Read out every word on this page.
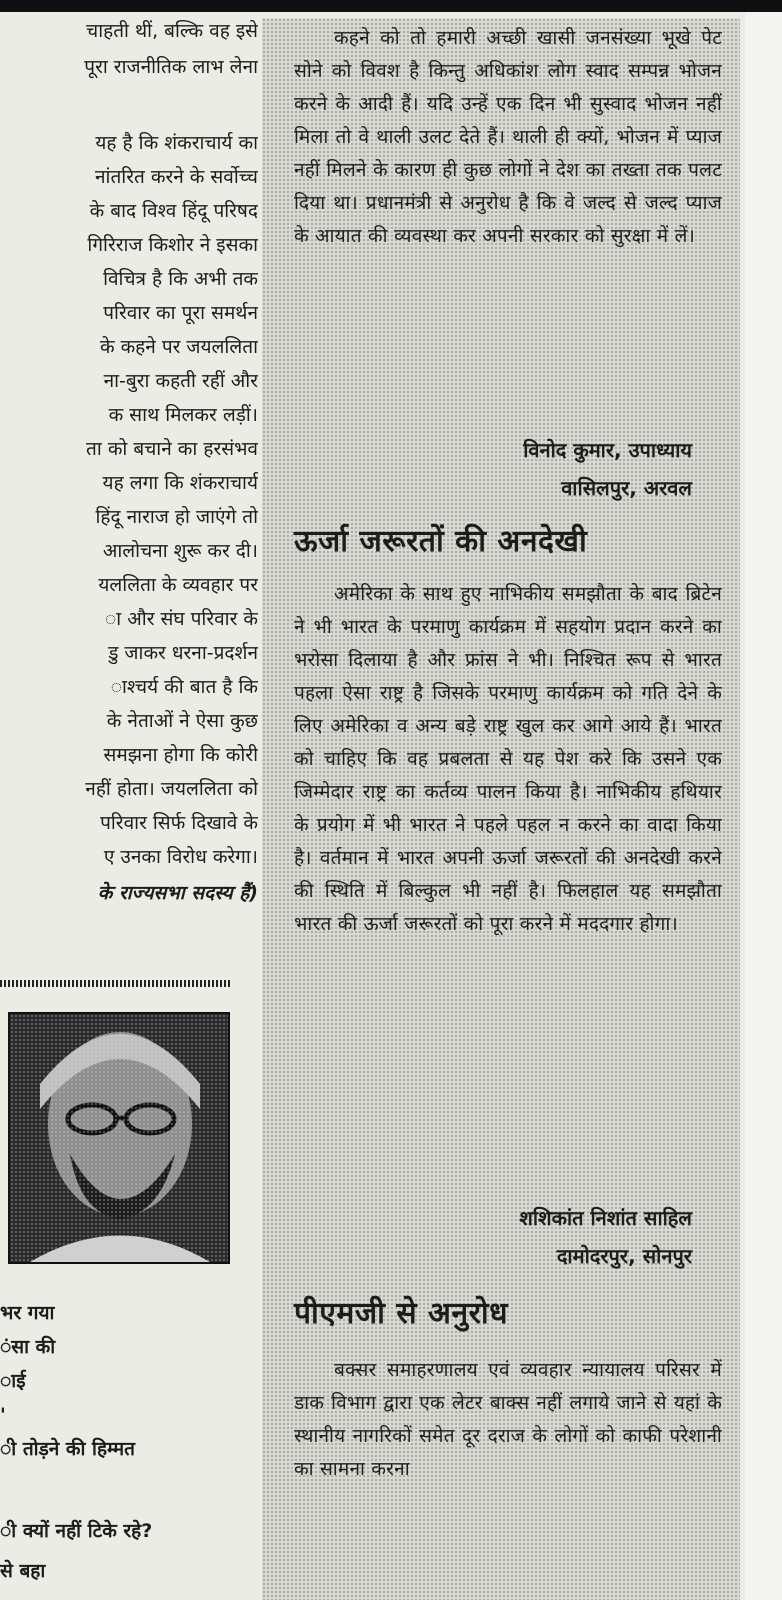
चाहती थीं, बल्कि वह इसे
पूरा राजनीतिक लाभ लेना
यह है कि शंकराचार्य का
नांतरित करने के सर्वोच्च
के बाद विश्व हिंदू परिषद
गिरिराज किशोर ने इसका
विचित्र है कि अभी तक
परिवार का पूरा समर्थन
के कहने पर जयललिता
ना-बुरा कहती रहीं और
क साथ मिलकर लड़ीं।
ता को बचाने का हरसंभव
यह लगा कि शंकराचार्य
हिंदू नाराज हो जाएंगे तो
आलोचना शुरू कर दी।
यललिता के व्यवहार पर
ा और संघ परिवार के
डु जाकर धरना-प्रदर्शन
ाश्चर्य की बात है कि
के नेताओं ने ऐसा कुछ
समझना होगा कि कोरी
नहीं होता। जयललिता को
परिवार सिर्फ दिखावे के
ए उनका विरोध करेगा।
के राज्यसभा सदस्य हैं)
भर गया
ंसा की
ाई
'
ी तोड़ने की हिम्मत
ी क्यों नहीं टिके रहे?
से बहा

कहने को तो हमारी अच्छी खासी जनसंख्या भूखे पेट सोने को विवश है किन्तु अधिकांश लोग स्वाद सम्पन्न भोजन करने के आदी हैं। यदि उन्हें एक दिन भी सुस्वाद भोजन नहीं मिला तो वे थाली उलट देते हैं। थाली ही क्यों, भोजन में प्याज नहीं मिलने के कारण ही कुछ लोगों ने देश का तख्ता तक पलट दिया था। प्रधानमंत्री से अनुरोध है कि वे जल्द से जल्द प्याज के आयात की व्यवस्था कर अपनी सरकार को सुरक्षा में लें।

विनोद कुमार, उपाध्याय
वासिलपुर, अरवल
ऊर्जा जरूरतों की अनदेखी

अमेरिका के साथ हुए नाभिकीय समझौता के बाद ब्रिटेन ने भी भारत के परमाणु कार्यक्रम में सहयोग प्रदान करने का भरोसा दिलाया है और फ्रांस ने भी। निश्चित रूप से भारत पहला ऐसा राष्ट्र है जिसके परमाणु कार्यक्रम को गति देने के लिए अमेरिका व अन्य बड़े राष्ट्र खुल कर आगे आये हैं। भारत को चाहिए कि वह प्रबलता से यह पेश करे कि उसने एक जिम्मेदार राष्ट्र का कर्तव्य पालन किया है। नाभिकीय हथियार के प्रयोग में भी भारत ने पहले पहल न करने का वादा किया है। वर्तमान में भारत अपनी ऊर्जा जरूरतों की अनदेखी करने की स्थिति में बिल्कुल भी नहीं है। फिलहाल यह समझौता भारत की ऊर्जा जरूरतों को पूरा करने में मददगार होगा।

शशिकांत निशांत साहिल
दामोदरपुर, सोनपुर
पीएमजी से अनुरोध

बक्सर समाहरणालय एवं व्यवहार न्यायालय परिसर में डाक विभाग द्वारा एक लेटर बाक्स नहीं लगाये जाने से यहां के स्थानीय नागरिकों समेत दूर दराज के लोगों को काफी परेशानी का सामना करना
